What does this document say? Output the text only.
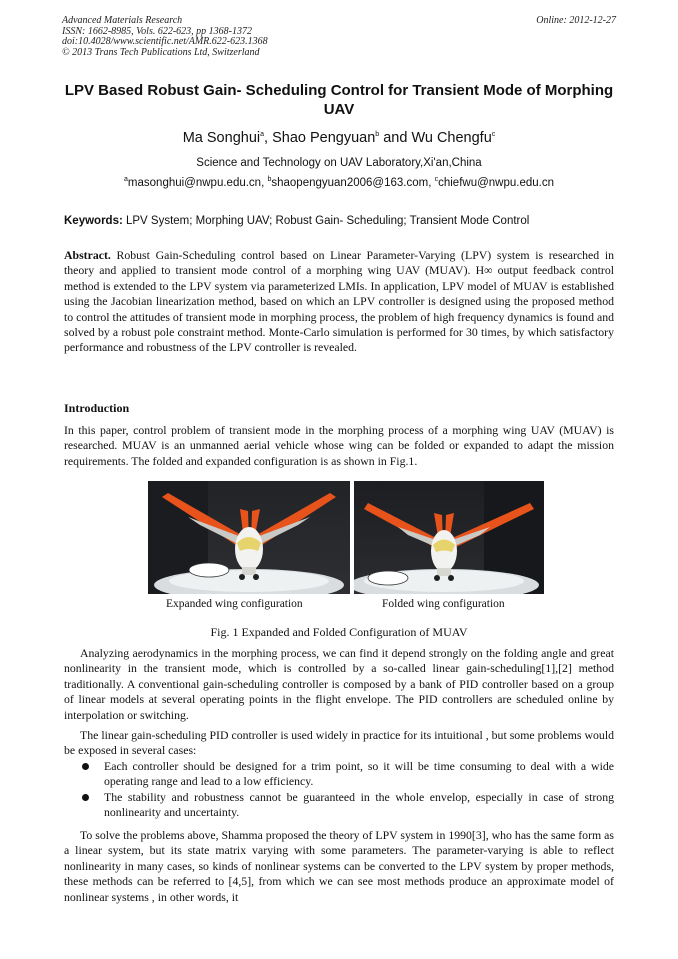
Advanced Materials Research
ISSN: 1662-8985, Vols. 622-623, pp 1368-1372
doi:10.4028/www.scientific.net/AMR.622-623.1368
© 2013 Trans Tech Publications Ltd, Switzerland
Online: 2012-12-27
LPV Based Robust Gain- Scheduling Control for Transient Mode of Morphing UAV
Ma Songhui$^a$, Shao Pengyuan$^b$ and Wu Chengfu$^c$
Science and Technology on UAV Laboratory,Xi'an,China
$^a$masonghui@nwpu.edu.cn, $^b$shaopengyuan2006@163.com, $^c$chiefwu@nwpu.edu.cn
Keywords: LPV System; Morphing UAV; Robust Gain- Scheduling; Transient Mode Control
Abstract. Robust Gain-Scheduling control based on Linear Parameter-Varying (LPV) system is researched in theory and applied to transient mode control of a morphing wing UAV (MUAV). H∞ output feedback control method is extended to the LPV system via parameterized LMIs. In application, LPV model of MUAV is established using the Jacobian linearization method, based on which an LPV controller is designed using the proposed method to control the attitudes of transient mode in morphing process, the problem of high frequency dynamics is found and solved by a robust pole constraint method. Monte-Carlo simulation is performed for 30 times, by which satisfactory performance and robustness of the LPV controller is revealed.
Introduction
In this paper, control problem of transient mode in the morphing process of a morphing wing UAV (MUAV) is researched. MUAV is an unmanned aerial vehicle whose wing can be folded or expanded to adapt the mission requirements. The folded and expanded configuration is as shown in Fig.1.
Expanded wing configuration	Folded wing configuration
Fig. 1 Expanded and Folded Configuration of MUAV
Analyzing aerodynamics in the morphing process, we can find it depend strongly on the folding angle and great nonlinearity in the transient mode, which is controlled by a so-called linear gain-scheduling[1],[2] method traditionally. A conventional gain-scheduling controller is composed by a bank of PID controller based on a group of linear models at several operating points in the flight envelope. The PID controllers are scheduled online by interpolation or switching.
The linear gain-scheduling PID controller is used widely in practice for its intuitional , but some problems would be exposed in several cases:
Each controller should be designed for a trim point, so it will be time consuming to deal with a wide operating range and lead to a low efficiency.
The stability and robustness cannot be guaranteed in the whole envelop, especially in case of strong nonlinearity and uncertainty.
To solve the problems above, Shamma proposed the theory of LPV system in 1990[3], who has the same form as a linear system, but its state matrix varying with some parameters. The parameter-varying is able to reflect nonlinearity in many cases, so kinds of nonlinear systems can be converted to the LPV system by proper methods, these methods can be referred to [4,5], from which we can see most methods produce an approximate model of nonlinear systems , in other words, it
